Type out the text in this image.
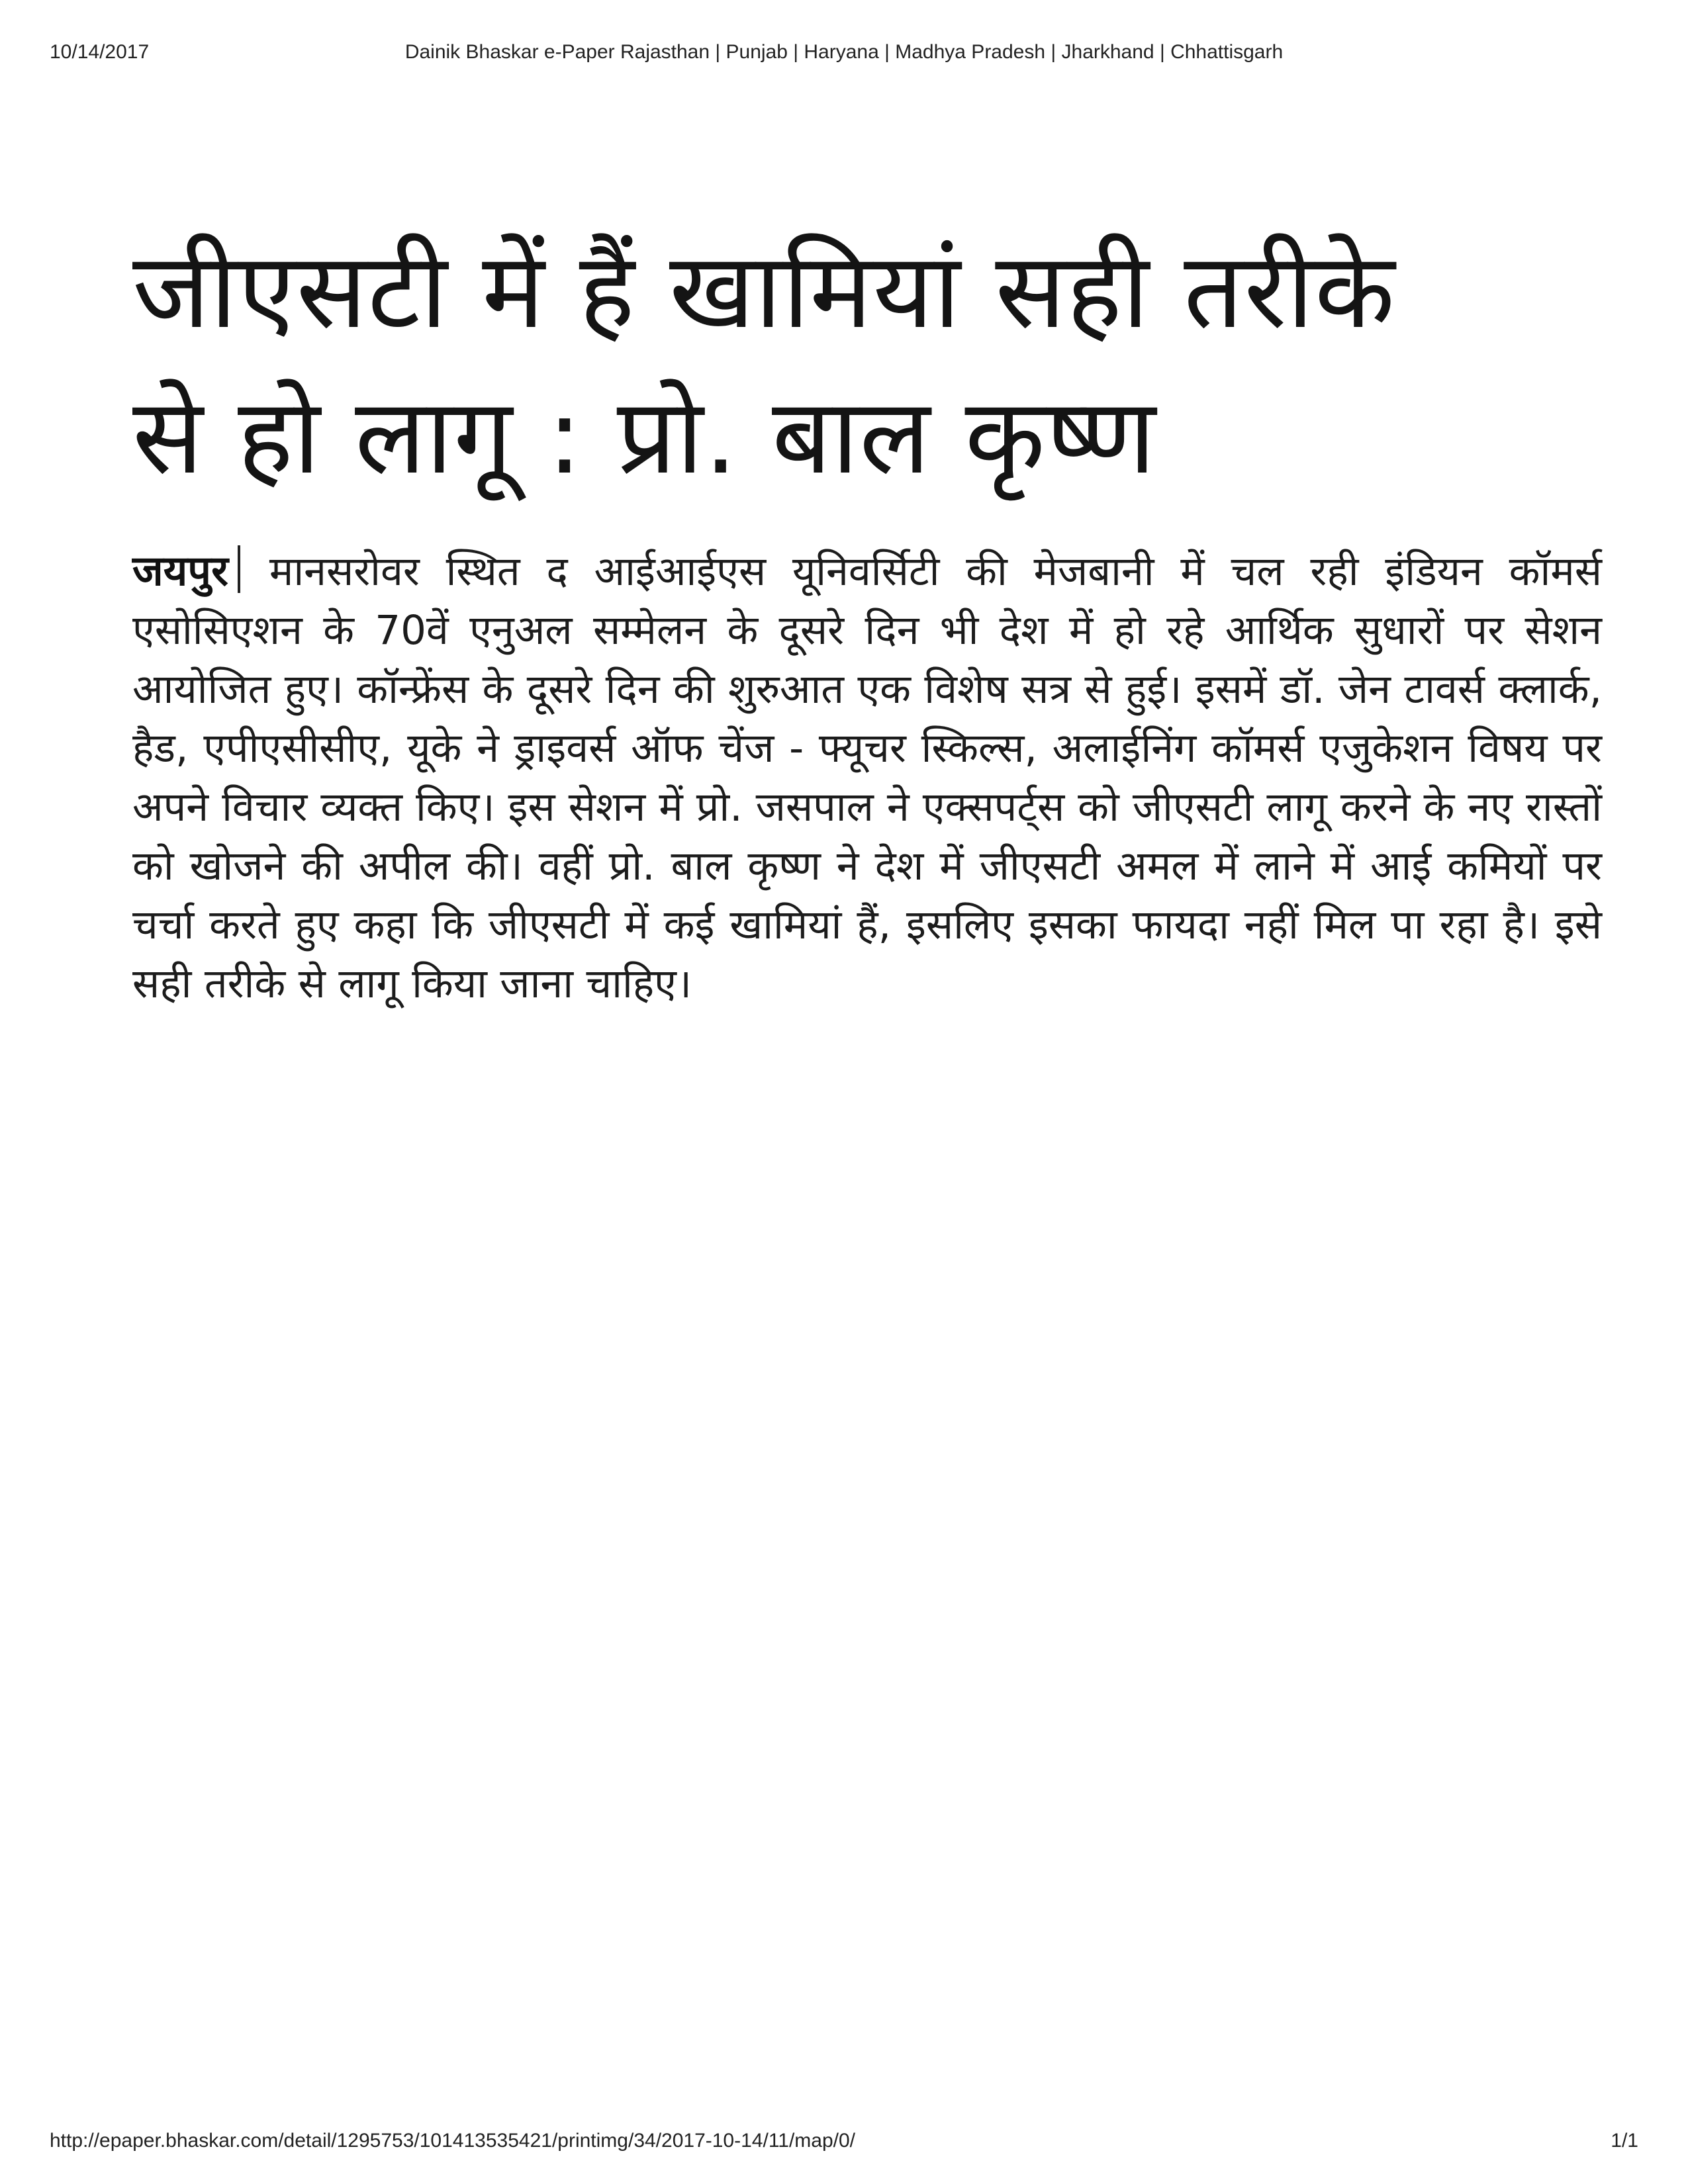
10/14/2017	Dainik Bhaskar e-Paper Rajasthan | Punjab | Haryana | Madhya Pradesh | Jharkhand | Chhattisgarh
जीएसटी में हैं खामियां सही तरीके
से हो लागू : प्रो. बाल कृष्ण

जयपुर मानसरोवर स्थित द आईआईएस यूनिवर्सिटी की मेजबानी में चल रही इंडियन कॉमर्स एसोसिएशन के 70वें एनुअल सम्मेलन के दूसरे दिन भी देश में हो रहे आर्थिक सुधारों पर सेशन आयोजित हुए। कॉन्फ्रेंस के दूसरे दिन की शुरुआत एक विशेष सत्र से हुई। इसमें डॉ. जेन टावर्स क्लार्क, हैड, एपीएसीसीए, यूके ने ड्राइवर्स ऑफ चेंज - फ्यूचर स्किल्स, अलाईनिंग कॉमर्स एजुकेशन विषय पर अपने विचार व्यक्त किए। इस सेशन में प्रो. जसपाल ने एक्सपर्ट्स को जीएसटी लागू करने के नए रास्तों को खोजने की अपील की। वहीं प्रो. बाल कृष्ण ने देश में जीएसटी अमल में लाने में आई कमियों पर चर्चा करते हुए कहा कि जीएसटी में कई खामियां हैं, इसलिए इसका फायदा नहीं मिल पा रहा है। इसे सही तरीके से लागू किया जाना चाहिए।

http://epaper.bhaskar.com/detail/1295753/101413535421/printimg/34/2017-10-14/11/map/0/	1/1
